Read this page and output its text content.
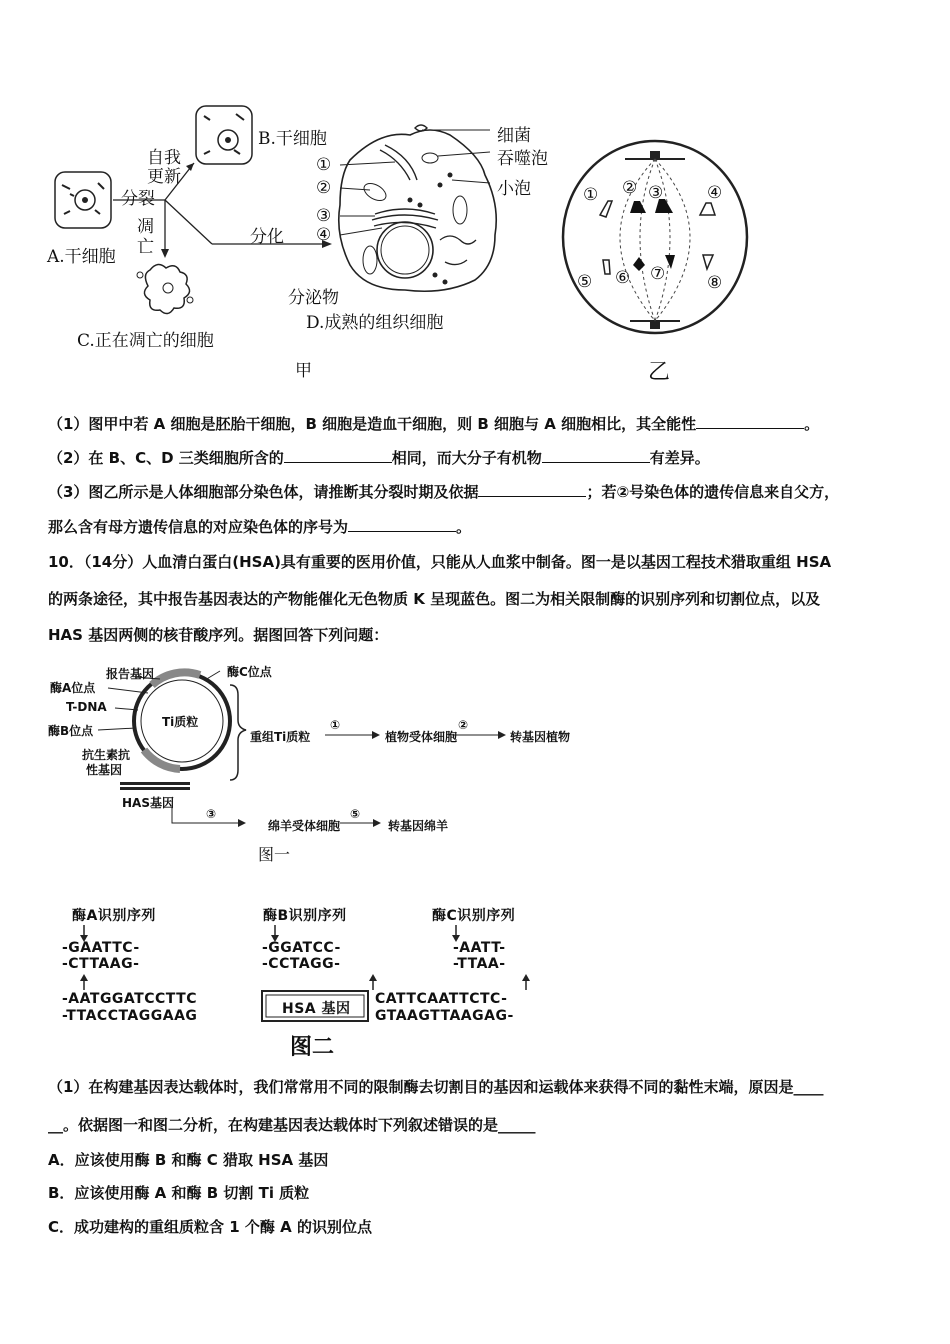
A.干细胞
B.干细胞
C.正在凋亡的细胞
D.成熟的组织细胞
自我
更新
分裂
凋
亡	分化
细菌
吞噬泡
小泡
分泌物
①
②
③
④
甲
① ② ③	④
⑤ ⑥ ⑦ ⑧
乙
（1）图甲中若 A 细胞是胚胎干细胞，B 细胞是造血干细胞，则 B 细胞与 A 细胞相比，其全能性	。
（2）在 B、C、D 三类细胞所含的	相同，而大分子有机物	有差异。
（3）图乙所示是人体细胞部分染色体，请推断其分裂时期及依据	；若②号染色体的遗传信息来自父方，
那么含有母方遗传信息的对应染色体的序号为	。
10．（14分）人血清白蛋白(HSA)具有重要的医用价值，只能从人血浆中制备。图一是以基因工程技术猎取重组 HSA
的两条途径，其中报告基因表达的产物能催化无色物质 K 呈现蓝色。图二为相关限制酶的识别序列和切割位点，以及
HAS 基因两侧的核苷酸序列。据图回答下列问题：
报告基因
酶A位点
T-DNA
酶B位点
抗生素抗
性基因
酶C位点
Ti质粒
HAS基因
重组Ti质粒
①
植物受体细胞
②
转基因植物
③
绵羊受体细胞
⑤
转基因绵羊
图一
酶A识别序列
-GAATTC-
-CTTAAG-
酶B识别序列
-GGATCC-
-CCTAGG-
酶C识别序列
-AATT-
-TTAA-
-AATGGATCCTTC
-TTACCTAGGAAG	HSA 基因
CATTCAATTCTC-
GTAAGTTAAGAG-
图二
（1）在构建基因表达载体时，我们常常用不同的限制酶去切割目的基因和运载体来获得不同的黏性末端，原因是____
__。依据图一和图二分析，在构建基因表达载体时下列叙述错误的是_____
A．应该使用酶 B 和酶 C 猎取 HSA 基因
B．应该使用酶 A 和酶 B 切割 Ti 质粒
C．成功建构的重组质粒含 1 个酶 A 的识别位点
